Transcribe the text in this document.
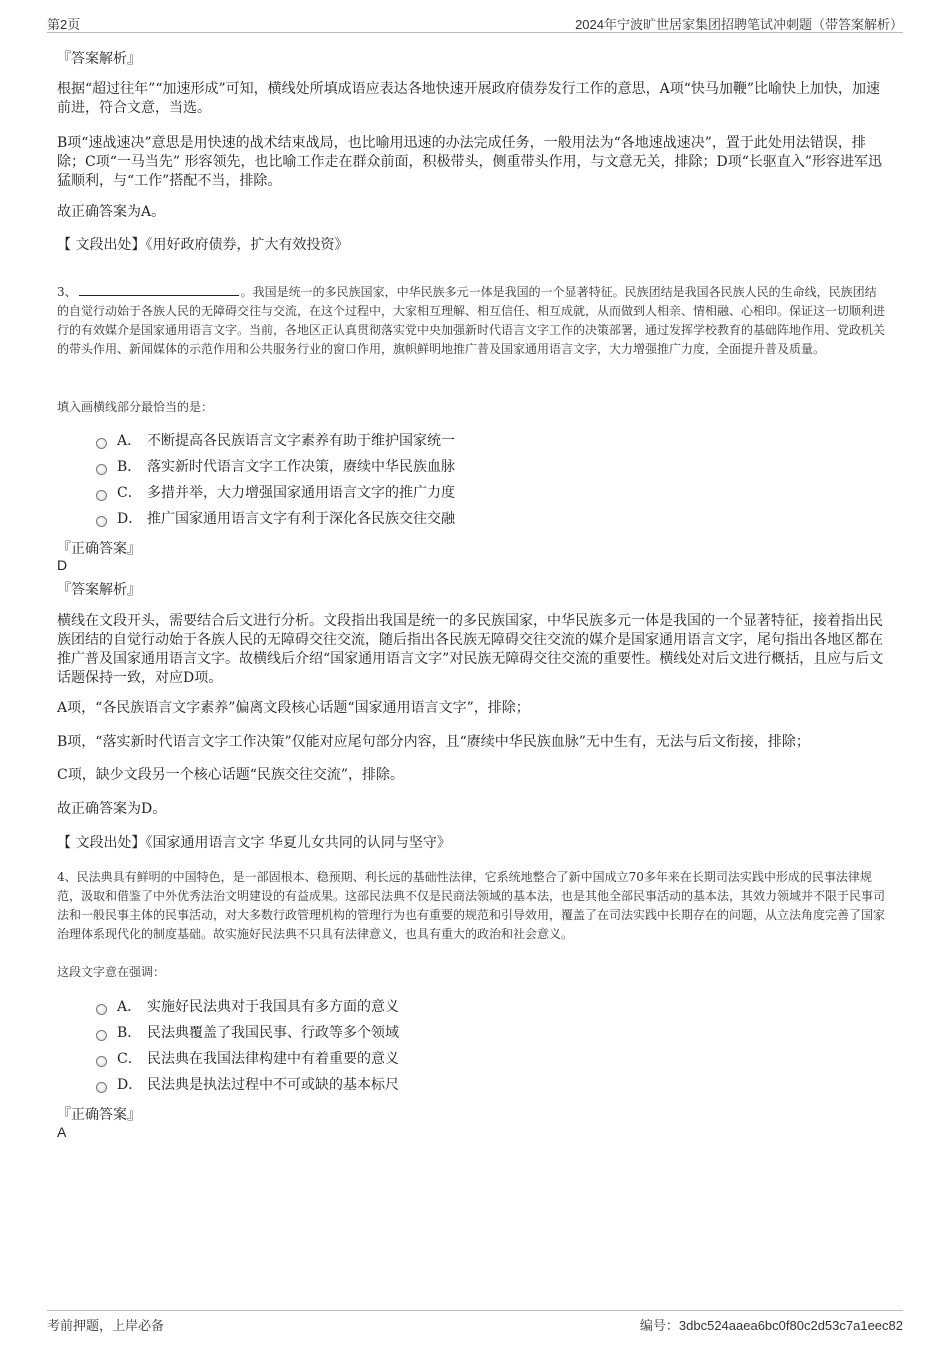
第2页	2024年宁波旷世居家集团招聘笔试冲刺题（带答案解析）
『答案解析』
根据“超过往年”“加速形成”可知，横线处所填成语应表达各地快速开展政府债券发行工作的意思，A项“快马加鞭”比喻快上加快，加速前进，符合文意，当选。
B项“速战速决”意思是用快速的战术结束战局，也比喻用迅速的办法完成任务，一般用法为“各地速战速决”，置于此处用法错误，排除；C项“一马当先” 形容领先，也比喻工作走在群众前面，积极带头，侧重带头作用，与文意无关，排除；D项“长驱直入”形容进军迅猛顺利，与“工作”搭配不当，排除。
故正确答案为A。
【 文段出处】《用好政府债券，扩大有效投资》
3、	。我国是统一的多民族国家，中华民族多元一体是我国的一个显著特征。民族团结是我国各民族人民的生命线，民族团结的自觉行动始于各族人民的无障碍交往与交流，在这个过程中，大家相互理解、相互信任、相互成就，从而做到人相亲、情相融、心相印。保证这一切顺利进行的有效媒介是国家通用语言文字。当前，各地区正认真贯彻落实党中央加强新时代语言文字工作的决策部署，通过发挥学校教育的基础阵地作用、党政机关的带头作用、新闻媒体的示范作用和公共服务行业的窗口作用，旗帜鲜明地推广普及国家通用语言文字，大力增强推广力度，全面提升普及质量。
填入画横线部分最恰当的是：
A． 不断提高各民族语言文字素养有助于维护国家统一
B． 落实新时代语言文字工作决策，赓续中华民族血脉
C． 多措并举，大力增强国家通用语言文字的推广力度
D． 推广国家通用语言文字有利于深化各民族交往交融
『正确答案』
D
『答案解析』
横线在文段开头，需要结合后文进行分析。文段指出我国是统一的多民族国家，中华民族多元一体是我国的一个显著特征，接着指出民族团结的自觉行动始于各族人民的无障碍交往交流，随后指出各民族无障碍交往交流的媒介是国家通用语言文字，尾句指出各地区都在推广普及国家通用语言文字。故横线后介绍“国家通用语言文字”对民族无障碍交往交流的重要性。横线处对后文进行概括，且应与后文话题保持一致，对应D项。
A项，“各民族语言文字素养”偏离文段核心话题“国家通用语言文字”，排除；
B项，“落实新时代语言文字工作决策”仅能对应尾句部分内容，且“赓续中华民族血脉”无中生有，无法与后文衔接，排除；
C项，缺少文段另一个核心话题“民族交往交流”，排除。
故正确答案为D。
【 文段出处】《国家通用语言文字 华夏儿女共同的认同与坚守》
4、民法典具有鲜明的中国特色，是一部固根本、稳预期、利长远的基础性法律，它系统地整合了新中国成立70多年来在长期司法实践中形成的民事法律规范，汲取和借鉴了中外优秀法治文明建设的有益成果。这部民法典不仅是民商法领域的基本法，也是其他全部民事活动的基本法，其效力领域并不限于民事司法和一般民事主体的民事活动，对大多数行政管理机构的管理行为也有重要的规范和引导效用，覆盖了在司法实践中长期存在的问题，从立法角度完善了国家治理体系现代化的制度基础。故实施好民法典不只具有法律意义，也具有重大的政治和社会意义。
这段文字意在强调：
A． 实施好民法典对于我国具有多方面的意义
B． 民法典覆盖了我国民事、行政等多个领域
C． 民法典在我国法律构建中有着重要的意义
D． 民法典是执法过程中不可或缺的基本标尺
『正确答案』
A
考前押题，上岸必备	编号：3dbc524aaea6bc0f80c2d53c7a1eec82
